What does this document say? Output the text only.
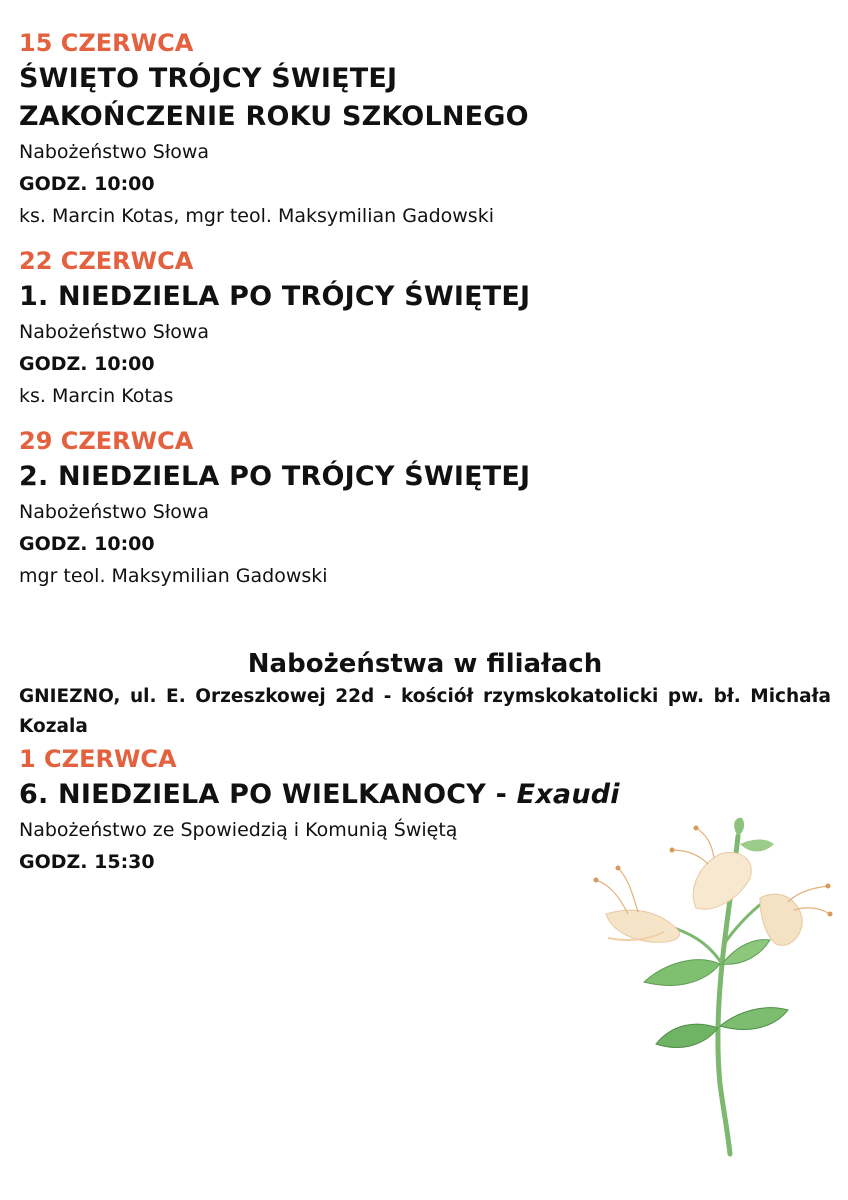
15 CZERWCA

ŚWIĘTO TRÓJCY ŚWIĘTEJ

ZAKOŃCZENIE ROKU SZKOLNEGO

Nabożeństwo Słowa

GODZ. 10:00

ks. Marcin Kotas, mgr teol. Maksymilian Gadowski

22 CZERWCA

1. NIEDZIELA PO TRÓJCY ŚWIĘTEJ

Nabożeństwo Słowa

GODZ. 10:00

ks. Marcin Kotas

29 CZERWCA

2. NIEDZIELA PO TRÓJCY ŚWIĘTEJ

Nabożeństwo Słowa

GODZ. 10:00

mgr teol. Maksymilian Gadowski

Nabożeństwa w filiałach

GNIEZNO, ul. E. Orzeszkowej 22d - kościół rzymskokatolicki pw. bł. Michała Kozala

1 CZERWCA

6. NIEDZIELA PO WIELKANOCY - Exaudi

Nabożeństwo ze Spowiedzią i Komunią Świętą

GODZ. 15:30
